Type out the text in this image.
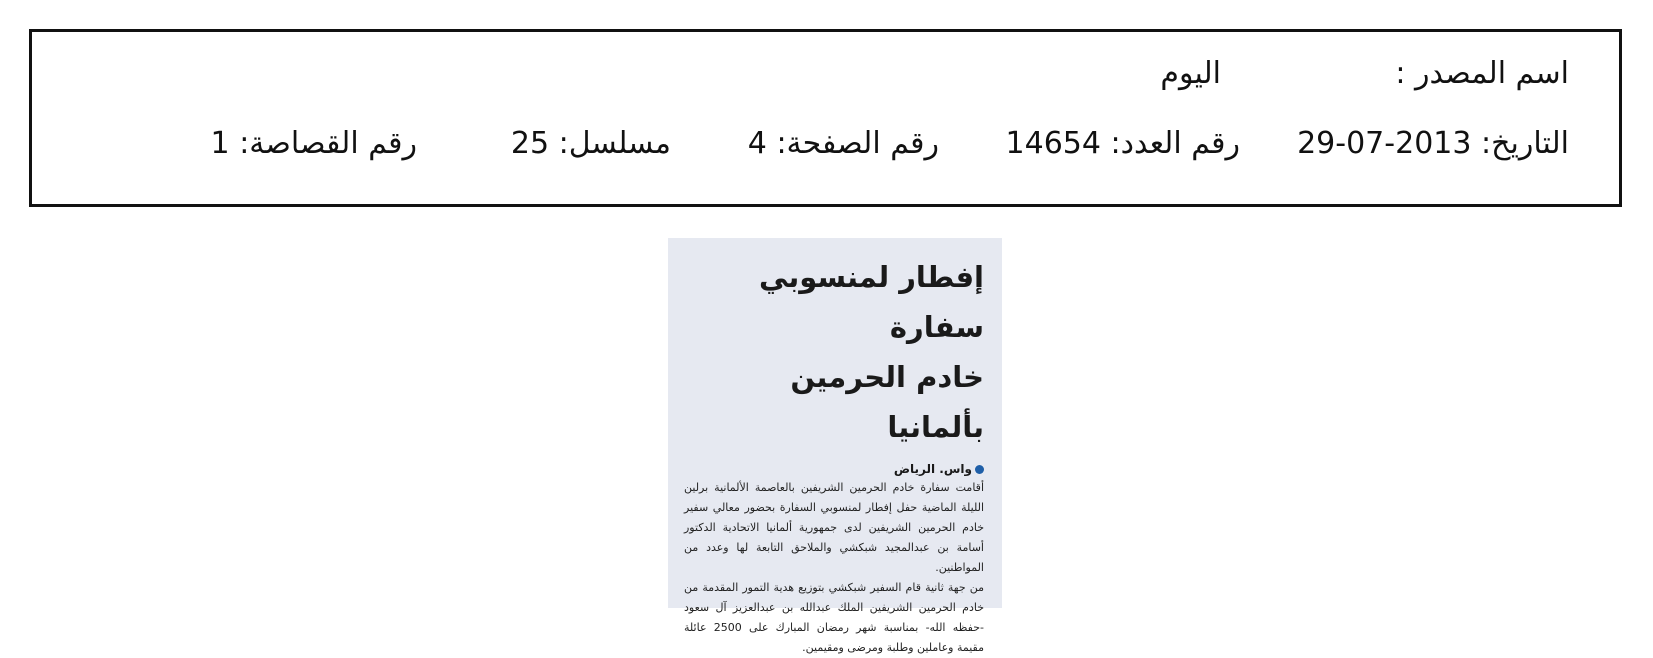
اسم المصدر :
اليوم
التاريخ: 2013-07-29
رقم العدد: 14654
رقم الصفحة: 4
مسلسل: 25
رقم القصاصة: 1
إفطار لمنسوبي سفارة
خادم الحرمين بألمانيا
واس. الرياض

أقامت سفارة خادم الحرمين الشريفين بالعاصمة الألمانية برلين الليلة الماضية حفل إفطار لمنسوبي السفارة بحضور معالي سفير خادم الحرمين الشريفين لدى جمهورية ألمانيا الاتحادية الدكتور أسامة بن عبدالمجيد شبكشي والملاحق التابعة لها وعدد من المواطنين.

من جهة ثانية قام السفير شبكشي بتوزيع هدية التمور المقدمة من خادم الحرمين الشريفين الملك عبدالله بن عبدالعزيز آل سعود -حفظه الله- بمناسبة شهر رمضان المبارك على 2500 عائلة مقيمة وعاملين وطلبة ومرضى ومقيمين.
